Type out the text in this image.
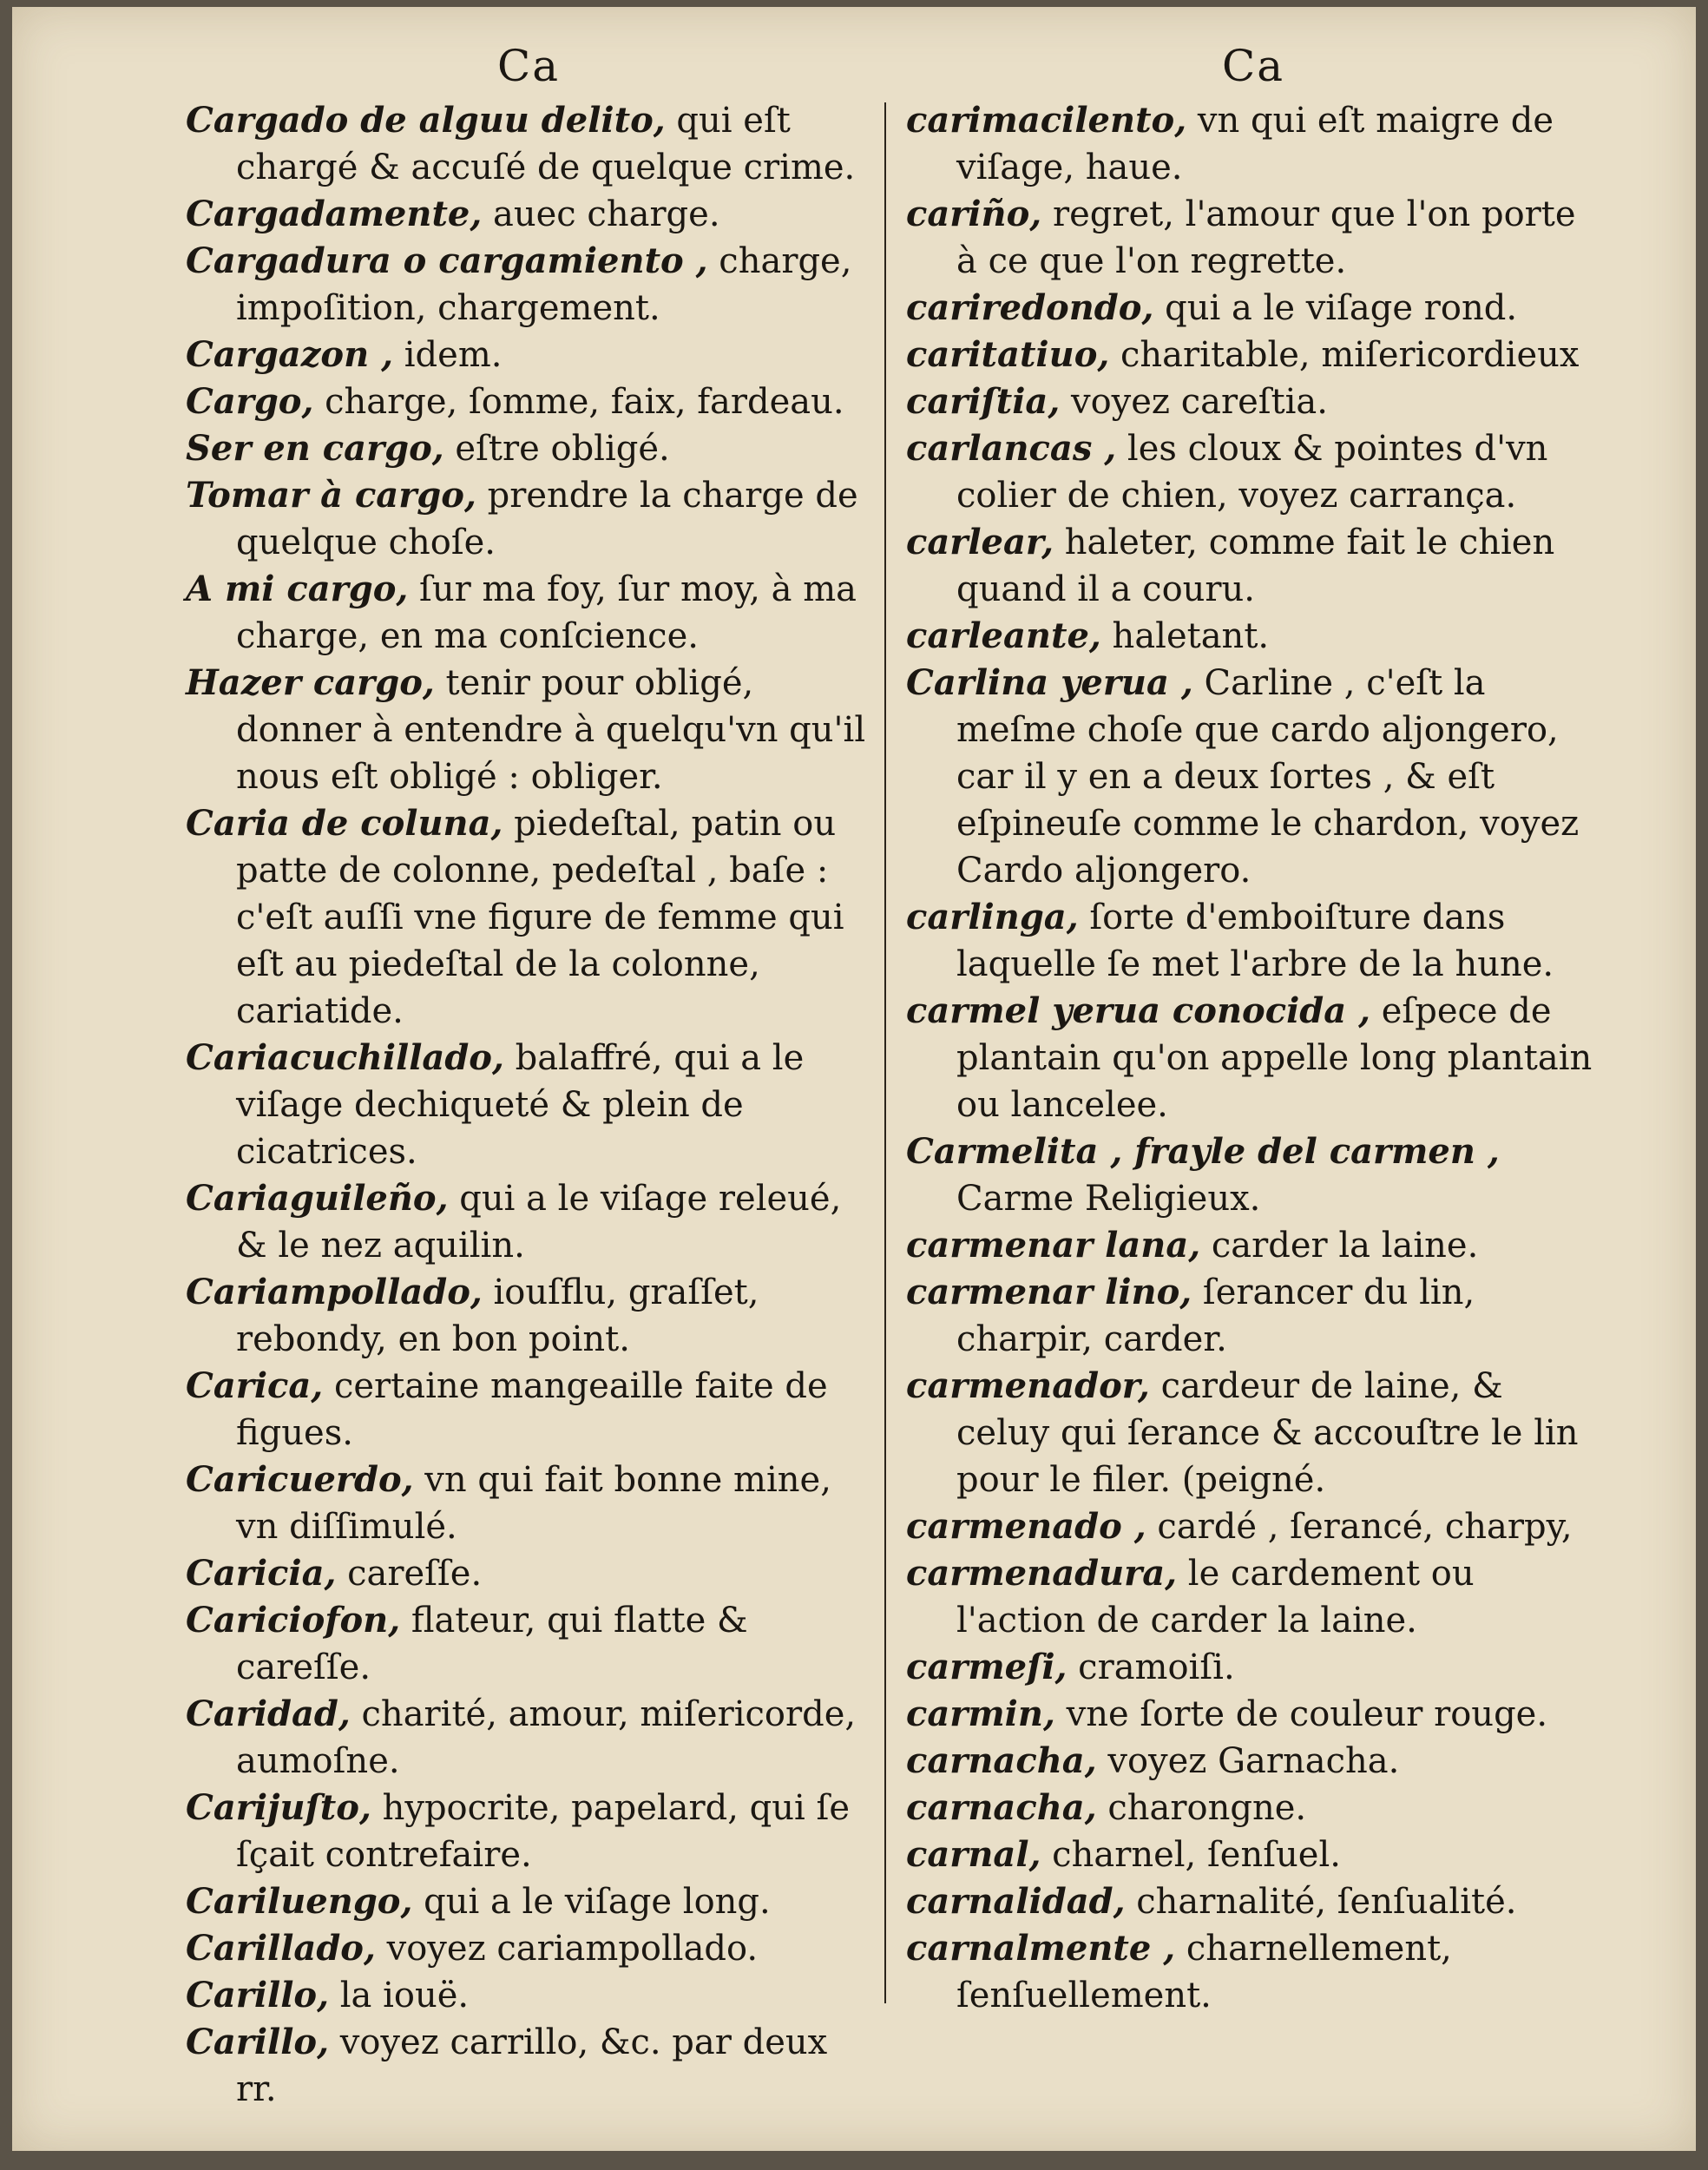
Ca

Cargado de alguu delito, qui eſt chargé & accuſé de quelque crime.

Cargadamente, auec charge.

Cargadura o cargamiento , charge, impoſition, chargement.

Cargazon , idem.

Cargo, charge, ſomme, faix, fardeau.

Ser en cargo, eſtre obligé.

Tomar à cargo, prendre la charge de quelque choſe.

A mi cargo, ſur ma foy, ſur moy, à ma charge, en ma conſcience.

Hazer cargo, tenir pour obligé, donner à entendre à quelqu'vn qu'il nous eſt obligé : obliger.

Caria de coluna, piedeſtal, patin ou patte de colonne, pedeſtal , baſe : c'eſt auſſi vne figure de femme qui eſt au piedeſtal de la colonne, cariatide.

Cariacuchillado, balaffré, qui a le viſage dechiqueté & plein de cicatrices.

Cariaguileño, qui a le viſage releué, & le nez aquilin.

Cariampollado, iouſflu, graſſet, rebondy, en bon point.

Carica, certaine mangeaille faite de figues.

Caricuerdo, vn qui fait bonne mine, vn diſſimulé.

Caricia, careſſe.

Cariciofon, flateur, qui flatte & careſſe.

Caridad, charité, amour, miſericorde, aumoſne.

Carijuſto, hypocrite, papelard, qui ſe ſçait contrefaire.

Cariluengo, qui a le viſage long.

Carillado, voyez cariampollado.

Carillo, la iouë.

Carillo, voyez carrillo, &c. par deux rr.

Ca

carimacilento, vn qui eſt maigre de viſage, haue.

cariño, regret, l'amour que l'on porte à ce que l'on regrette.

cariredondo, qui a le viſage rond.

caritatiuo, charitable, miſericordieux

cariſtia, voyez careſtia.

carlancas , les cloux & pointes d'vn colier de chien, voyez carrança.

carlear, haleter, comme fait le chien quand il a couru.

carleante, haletant.

Carlina yerua , Carline , c'eſt la meſme choſe que cardo aljongero, car il y en a deux ſortes , & eſt eſpineuſe comme le chardon, voyez Cardo aljongero.

carlinga, ſorte d'emboiſture dans laquelle ſe met l'arbre de la hune.

carmel yerua conocida , eſpece de plantain qu'on appelle long plantain ou lancelee.

Carmelita , frayle del carmen , Carme Religieux.

carmenar lana, carder la laine.

carmenar lino, ſerancer du lin, charpir, carder.

carmenador, cardeur de laine, & celuy qui ſerance & accouſtre le lin pour le filer. (peigné.

carmenado , cardé , ſerancé, charpy,

carmenadura, le cardement ou l'action de carder la laine.

carmeſi, cramoiſi.

carmin, vne ſorte de couleur rouge.

carnacha, voyez Garnacha.

carnacha, charongne.

carnal, charnel, ſenſuel.

carnalidad, charnalité, ſenſualité.

carnalmente , charnellement, ſenſuellement.
